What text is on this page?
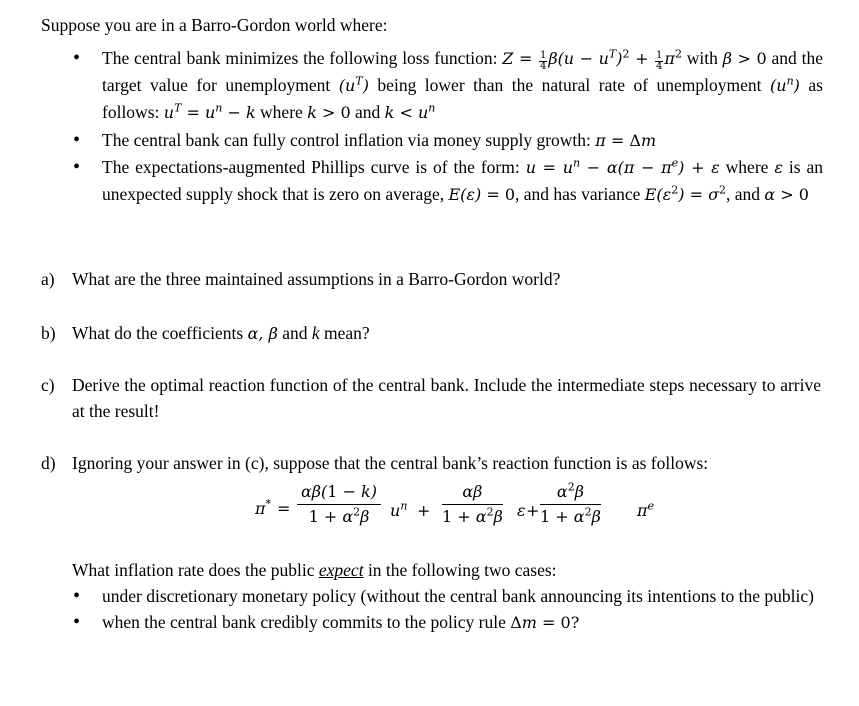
Suppose you are in a Barro-Gordon world where:
• The central bank minimizes the following loss function: $Z = \frac{1}{4} \beta(u - u^T)^2 + \frac{1}{4} \pi^2$ with β > 0 and the target value for unemployment $(u^T)$ being lower than the natural rate of unemployment $(u^n)$ as follows: $u^T = u^n - k$ where k > 0 and $k < u^n$
• The central bank can fully control inflation via money supply growth: π = Δm
• The expectations-augmented Phillips curve is of the form: $u = u^n - \alpha(\pi - \pi^e) + \varepsilon$ where ε is an unexpected supply shock that is zero on average, E(ε) = 0, and has variance $E(\varepsilon^2) = \sigma^2$, and α > 0
a) What are the three maintained assumptions in a Barro-Gordon world?
b) What do the coefficients α, β and k mean?
c) Derive the optimal reaction function of the central bank. Include the intermediate steps necessary to arrive at the result!
d) Ignoring your answer in (c), suppose that the central bank’s reaction function is as follows:
$\pi^* = \frac{\alpha\beta(1 - k)}{1 + \alpha^2\beta} u^n + \frac{\alpha\beta}{1 + \alpha^2\beta}$ $\varepsilon + \frac{\alpha^2\beta}{1 + \alpha^2\beta} \pi^e$
What inflation rate does the public expect in the following two cases:
• under discretionary monetary policy (without the central bank announcing its intentions to the public)
• when the central bank credibly commits to the policy rule Δm = 0?
